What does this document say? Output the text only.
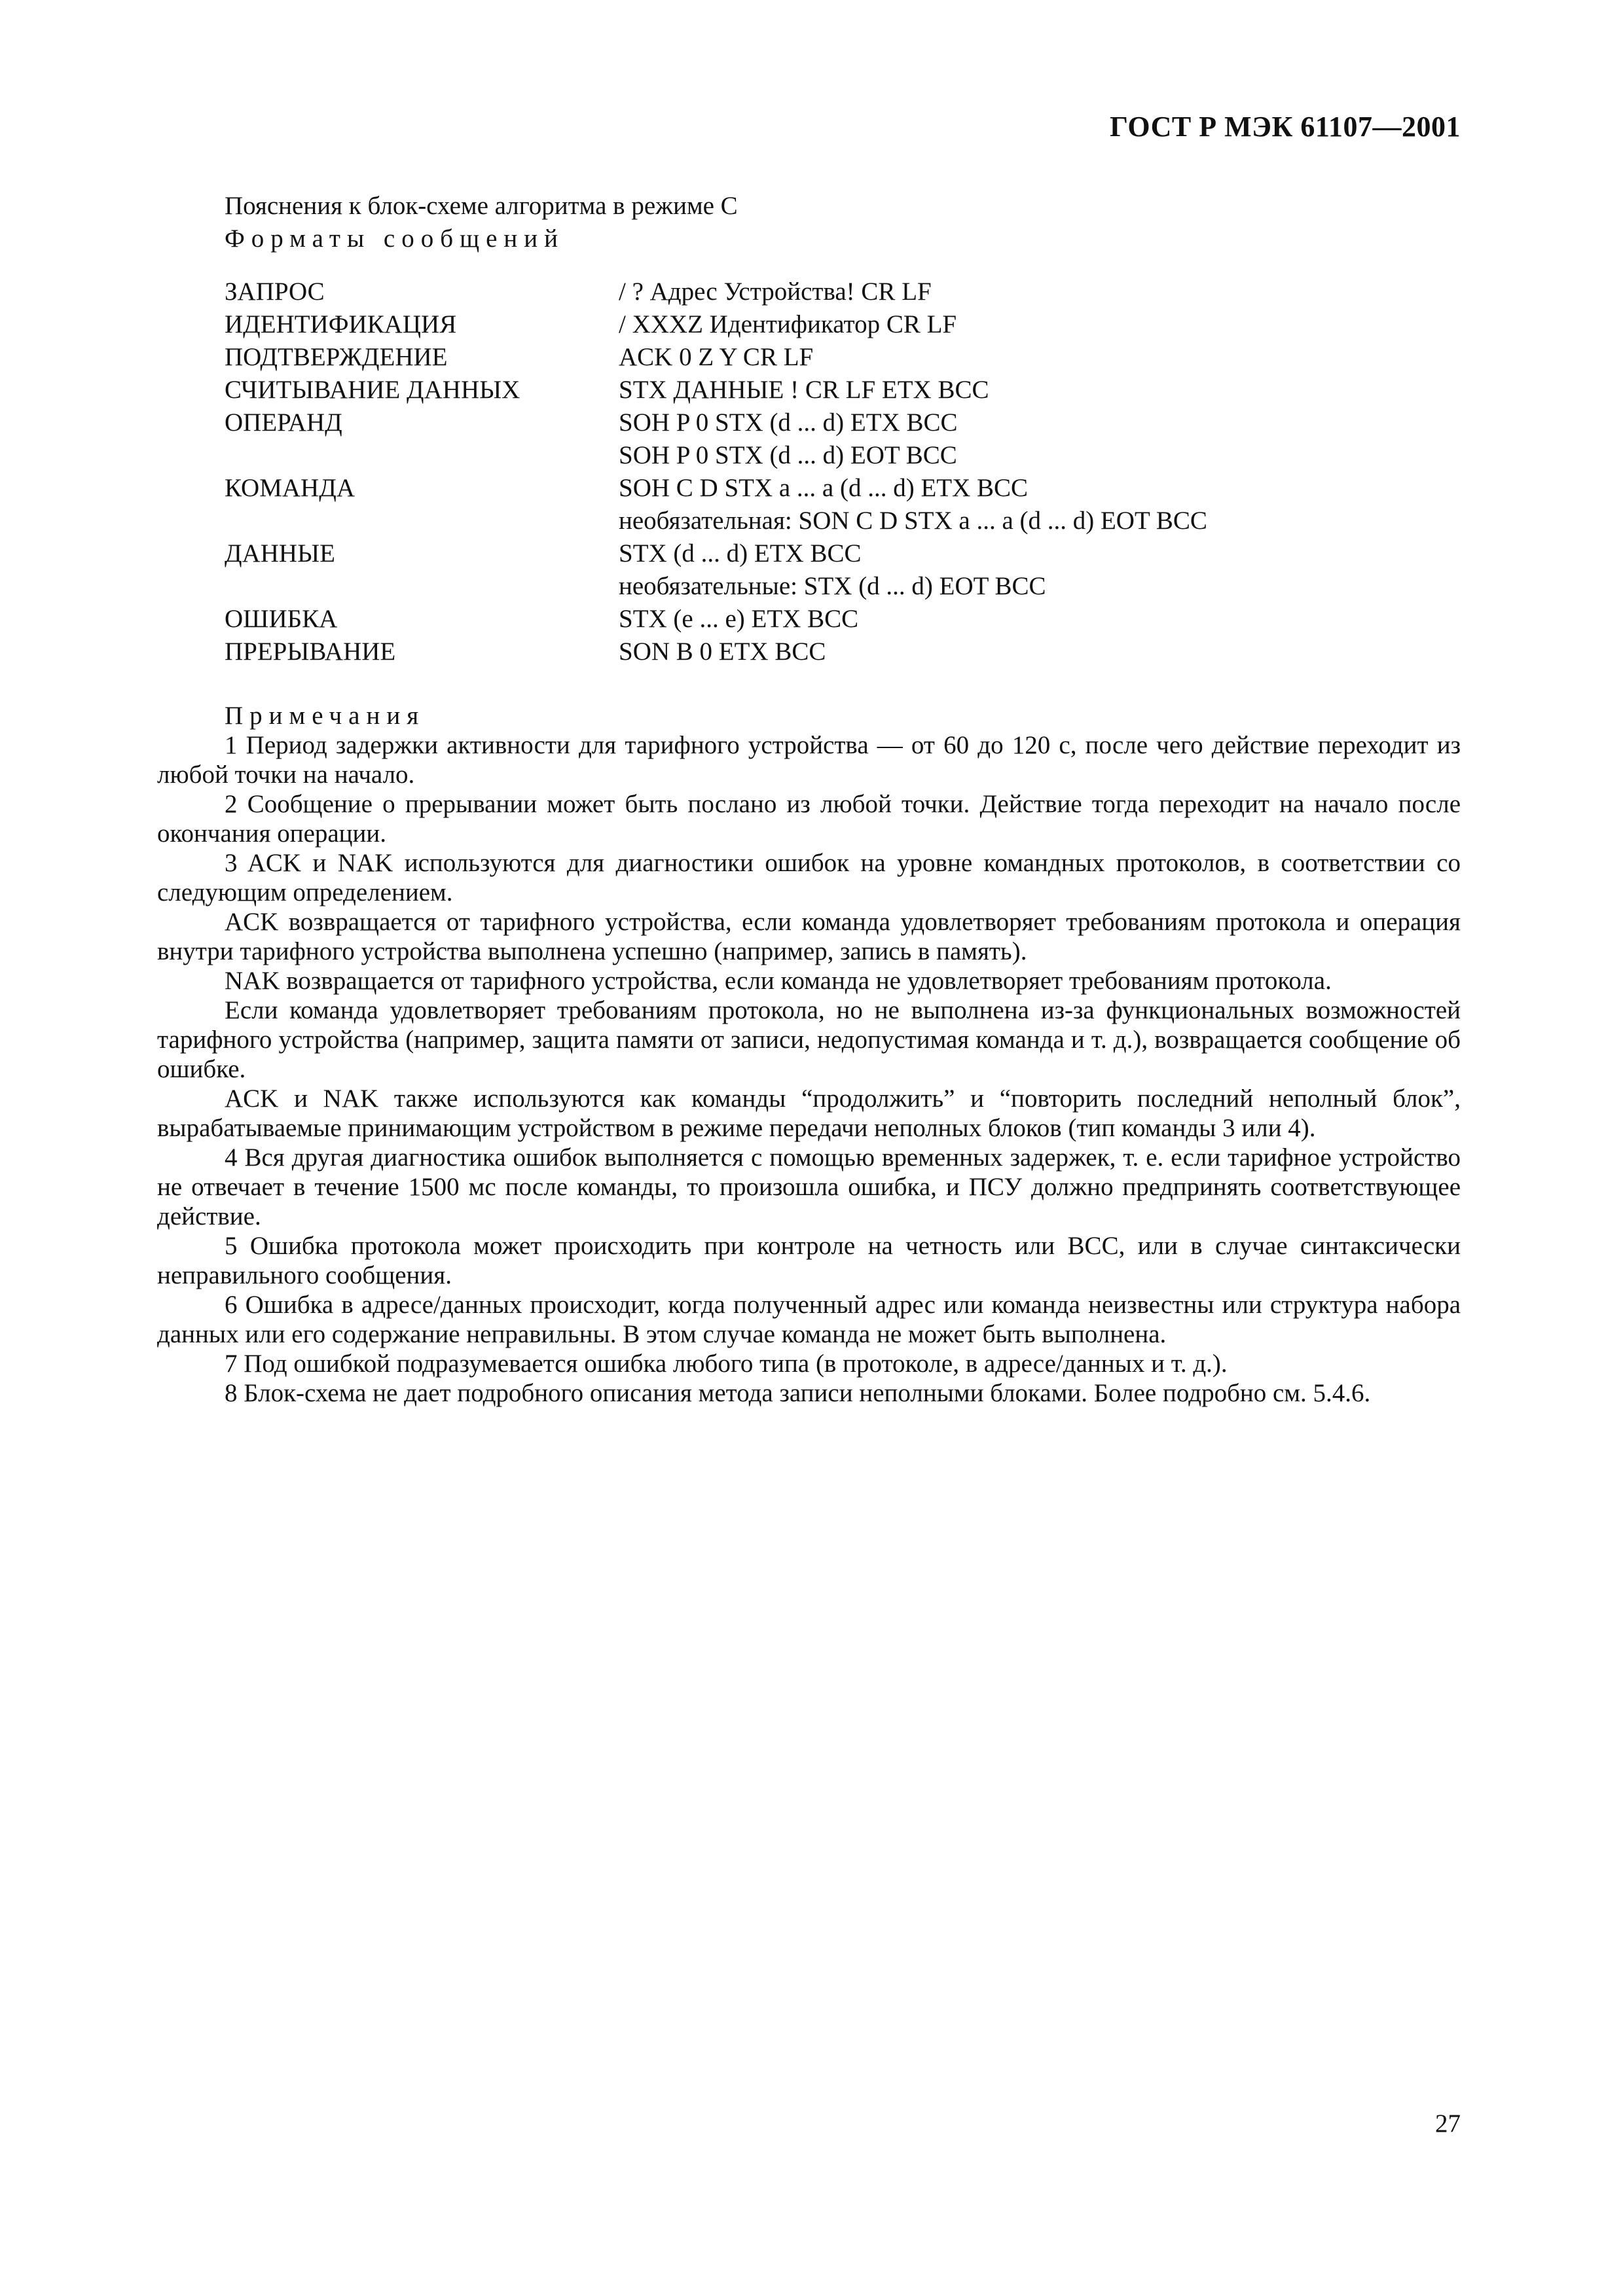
ГОСТ Р МЭК 61107—2001
Пояснения к блок-схеме алгоритма в режиме С
Форматы сообщений
ЗАПРОС	/ ? Адрес Устройства! CR LF
ИДЕНТИФИКАЦИЯ	/ XXXZ Идентификатор CR LF
ПОДТВЕРЖДЕНИЕ	ACK 0 Z Y CR LF
СЧИТЫВАНИЕ ДАННЫХ	STX ДАННЫЕ ! CR LF ETX BCC
ОПЕРАНД	SOH P 0 STX (d ... d) ETX BCC
SOH P 0 STX (d ... d) EOT BCC
КОМАНДА	SOH C D STX a ... a (d ... d) ETX BCC
необязательная: SON C D STX a ... a (d ... d) EOT BCC
ДАННЫЕ	STX (d ... d) ETX BCC
необязательные: STX (d ... d) EOT BCC
ОШИБКА	STX (e ... e) ETX BCC
ПРЕРЫВАНИЕ	SON B 0 ETX BCC
Примечания

1 Период задержки активности для тарифного устройства — от 60 до 120 с, после чего действие переходит из любой точки на начало.

2 Сообщение о прерывании может быть послано из любой точки. Действие тогда переходит на начало после окончания операции.

3 ACK и NAK используются для диагностики ошибок на уровне командных протоколов, в соответствии со следующим определением.

ACK возвращается от тарифного устройства, если команда удовлетворяет требованиям протокола и операция внутри тарифного устройства выполнена успешно (например, запись в память).

NAK возвращается от тарифного устройства, если команда не удовлетворяет требованиям протокола.

Если команда удовлетворяет требованиям протокола, но не выполнена из-за функциональных возможностей тарифного устройства (например, защита памяти от записи, недопустимая команда и т. д.), возвращается сообщение об ошибке.

ACK и NAK также используются как команды “продолжить” и “повторить последний неполный блок”, вырабатываемые принимающим устройством в режиме передачи неполных блоков (тип команды 3 или 4).

4 Вся другая диагностика ошибок выполняется с помощью временных задержек, т. е. если тарифное устройство не отвечает в течение 1500 мс после команды, то произошла ошибка, и ПСУ должно предпринять соответствующее действие.

5 Ошибка протокола может происходить при контроле на четность или BCC, или в случае синтаксически неправильного сообщения.

6 Ошибка в адресе/данных происходит, когда полученный адрес или команда неизвестны или структура набора данных или его содержание неправильны. В этом случае команда не может быть выполнена.

7 Под ошибкой подразумевается ошибка любого типа (в протоколе, в адресе/данных и т. д.).

8 Блок-схема не дает подробного описания метода записи неполными блоками. Более подробно см. 5.4.6.

27
